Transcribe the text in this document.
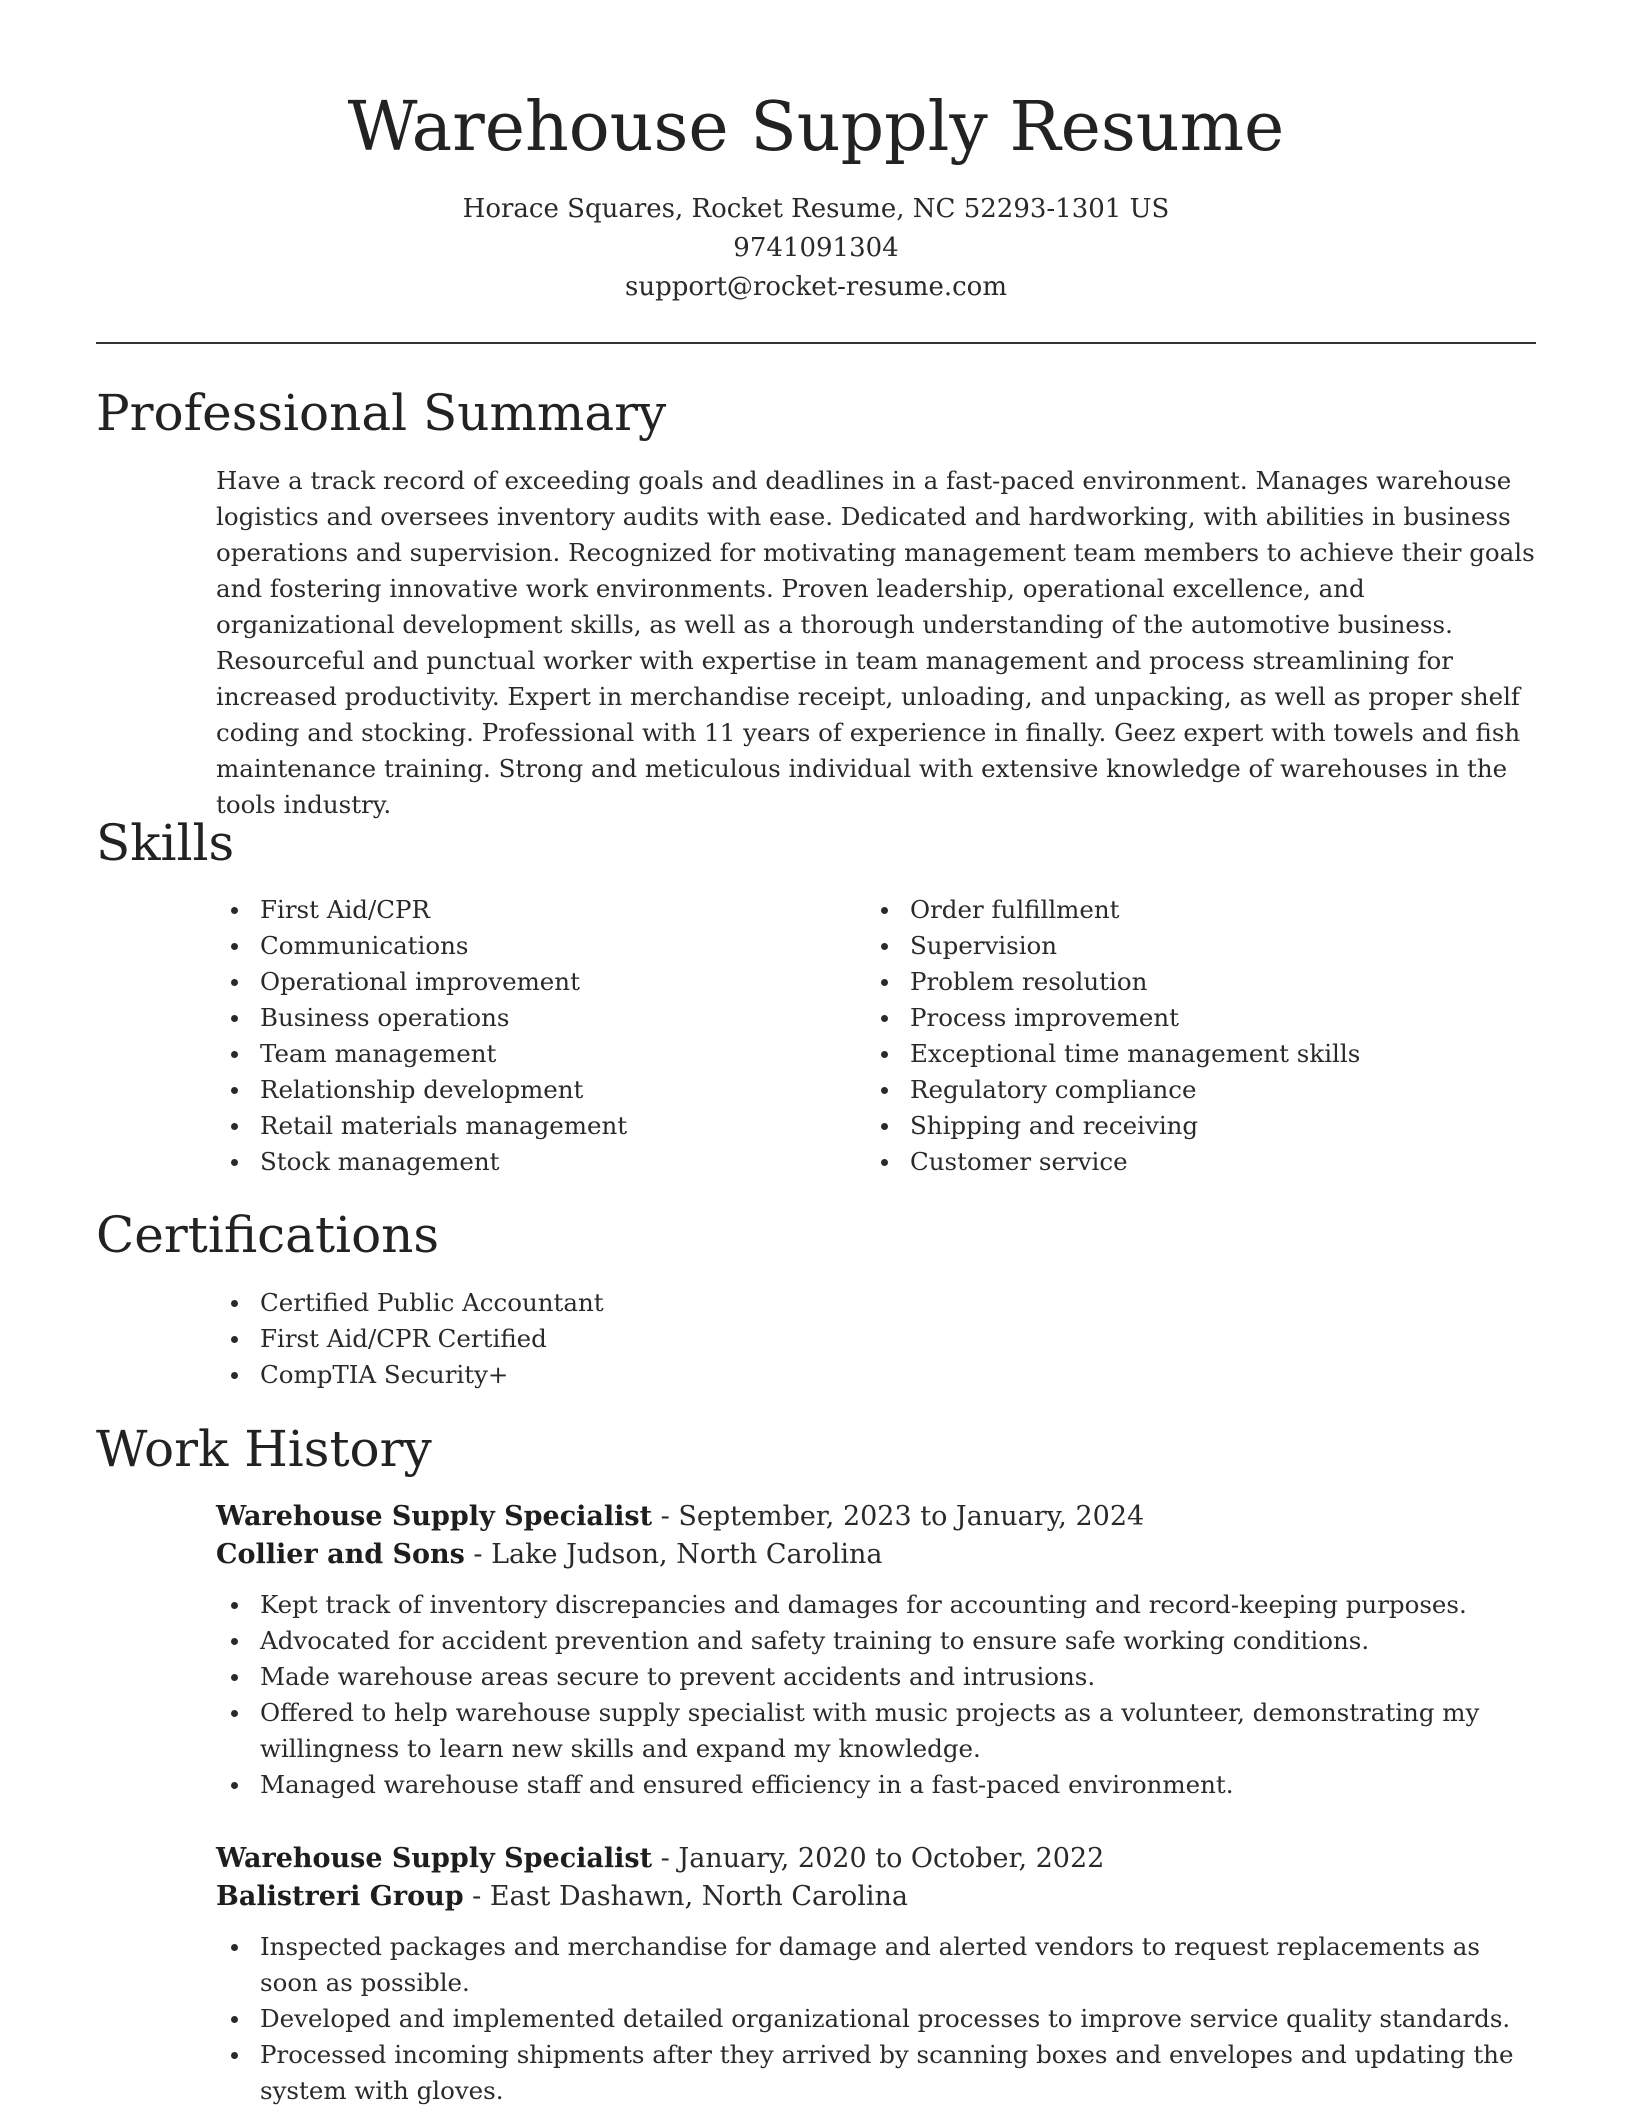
Warehouse Supply Resume
Horace Squares, Rocket Resume, NC 52293-1301 US
9741091304
support@rocket-resume.com
Professional Summary

Have a track record of exceeding goals and deadlines in a fast-paced environment. Manages warehouse logistics and oversees inventory audits with ease. Dedicated and hardworking, with abilities in business operations and supervision. Recognized for motivating management team members to achieve their goals and fostering innovative work environments. Proven leadership, operational excellence, and organizational development skills, as well as a thorough understanding of the automotive business. Resourceful and punctual worker with expertise in team management and process streamlining for increased productivity. Expert in merchandise receipt, unloading, and unpacking, as well as proper shelf coding and stocking. Professional with 11 years of experience in finally. Geez expert with towels and fish maintenance training. Strong and meticulous individual with extensive knowledge of warehouses in the tools industry.

Skills
First Aid/CPR
Communications
Operational improvement
Business operations
Team management
Relationship development
Retail materials management
Stock management
Order fulfillment
Supervision
Problem resolution
Process improvement
Exceptional time management skills
Regulatory compliance
Shipping and receiving
Customer service
Certifications
Certified Public Accountant
First Aid/CPR Certified
CompTIA Security+
Work History
Warehouse Supply Specialist - September, 2023 to January, 2024
Collier and Sons - Lake Judson, North Carolina
Kept track of inventory discrepancies and damages for accounting and record-keeping purposes.
Advocated for accident prevention and safety training to ensure safe working conditions.
Made warehouse areas secure to prevent accidents and intrusions.
Offered to help warehouse supply specialist with music projects as a volunteer, demonstrating my willingness to learn new skills and expand my knowledge.
Managed warehouse staff and ensured efficiency in a fast-paced environment.
Warehouse Supply Specialist - January, 2020 to October, 2022
Balistreri Group - East Dashawn, North Carolina
Inspected packages and merchandise for damage and alerted vendors to request replacements as soon as possible.
Developed and implemented detailed organizational processes to improve service quality standards.
Processed incoming shipments after they arrived by scanning boxes and envelopes and updating the system with gloves.
